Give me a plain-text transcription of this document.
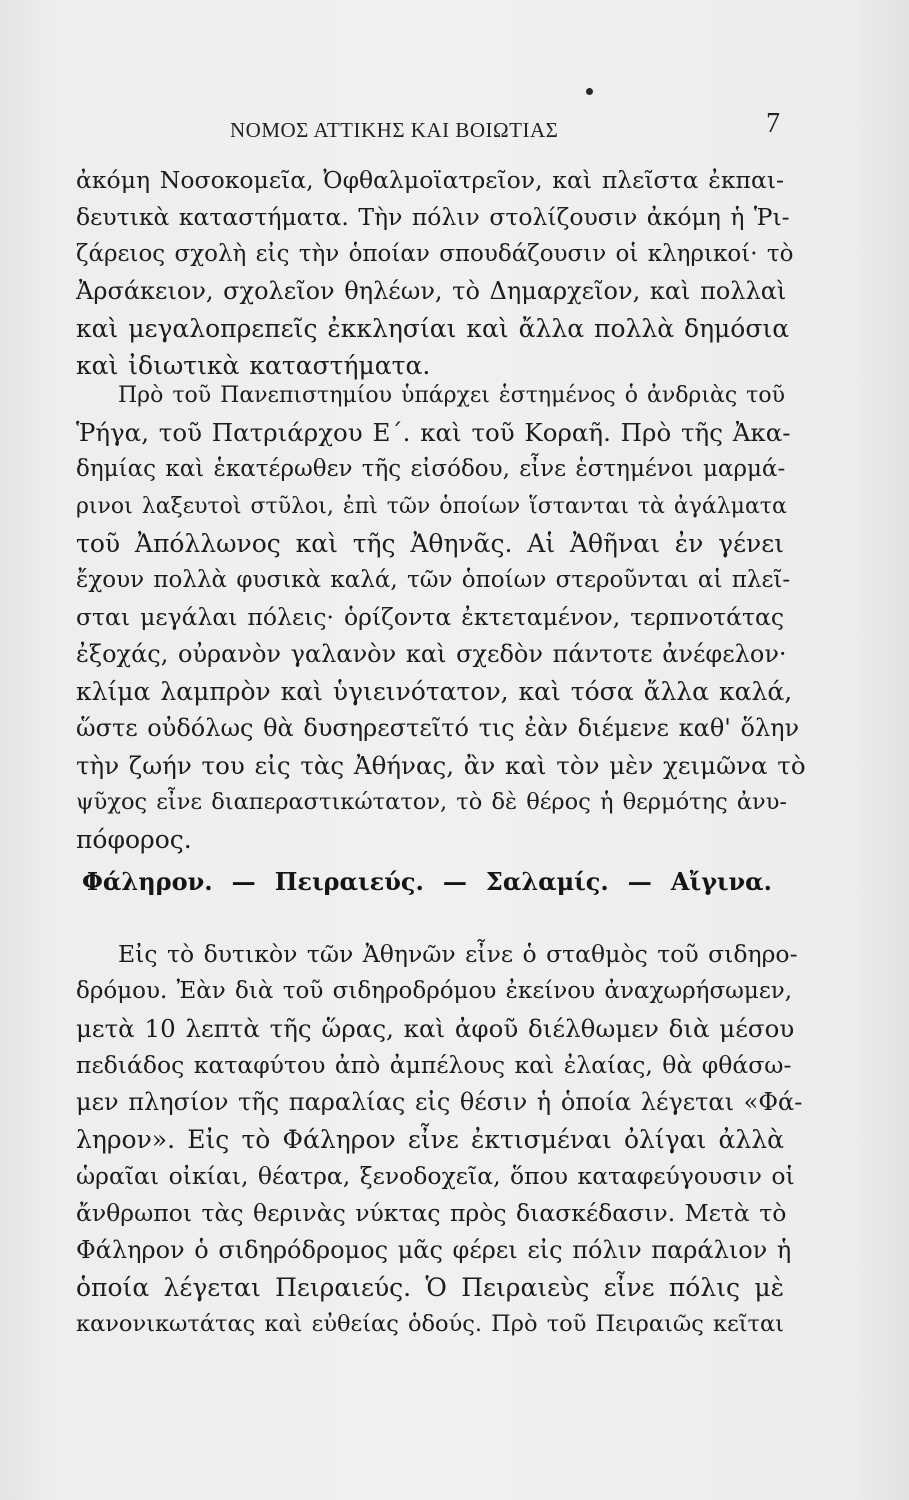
ΝΟΜΟΣ ΑΤΤΙΚΗΣ ΚΑΙ ΒΟΙΩΤΙΑΣ	7
ἀκόμη Νοσοκομεῖα, Ὀφθαλμοϊατρεῖον, καὶ πλεῖστα ἐκπαι-
δευτικὰ καταστήματα. Τὴν πόλιν στολίζουσιν ἀκόμη ἡ Ῥι-
ζάρειος σχολὴ εἰς τὴν ὁποίαν σπουδάζουσιν οἱ κληρικοί· τὸ
Ἀρσάκειον, σχολεῖον θηλέων, τὸ Δημαρχεῖον, καὶ πολλαὶ
καὶ μεγαλοπρεπεῖς ἐκκλησίαι καὶ ἄλλα πολλὰ δημόσια
καὶ ἰδιωτικὰ καταστήματα.
Πρὸ τοῦ Πανεπιστημίου ὑπάρχει ἑστημένος ὁ ἀνδριὰς τοῦ
Ῥήγα, τοῦ Πατριάρχου Ε΄. καὶ τοῦ Κοραῆ. Πρὸ τῆς Ἀκα-
δημίας καὶ ἑκατέρωθεν τῆς εἰσόδου, εἶνε ἑστημένοι μαρμά-
ρινοι λαξευτοὶ στῦλοι, ἐπὶ τῶν ὁποίων ἵστανται τὰ ἀγάλματα
τοῦ Ἀπόλλωνος καὶ τῆς Ἀθηνᾶς. Αἱ Ἀθῆναι ἐν γένει
ἔχουν πολλὰ φυσικὰ καλά, τῶν ὁποίων στεροῦνται αἱ πλεῖ-
σται μεγάλαι πόλεις· ὁρίζοντα ἐκτεταμένον, τερπνοτάτας
ἐξοχάς, οὐρανὸν γαλανὸν καὶ σχεδὸν πάντοτε ἀνέφελον·
κλίμα λαμπρὸν καὶ ὑγιεινότατον, καὶ τόσα ἄλλα καλά,
ὥστε οὐδόλως θὰ δυσηρεστεῖτό τις ἐὰν διέμενε καθ' ὅλην
τὴν ζωήν του εἰς τὰς Ἀθήνας, ἂν καὶ τὸν μὲν χειμῶνα τὸ
ψῦχος εἶνε διαπεραστικώτατον, τὸ δὲ θέρος ἡ θερμότης ἀνυ-
πόφορος.
Φάληρον. — Πειραιεύς. — Σαλαμίς. — Αἴγινα.
Εἰς τὸ δυτικὸν τῶν Ἀθηνῶν εἶνε ὁ σταθμὸς τοῦ σιδηρο-
δρόμου. Ἐὰν διὰ τοῦ σιδηροδρόμου ἐκείνου ἀναχωρήσωμεν,
μετὰ 10 λεπτὰ τῆς ὥρας, καὶ ἀφοῦ διέλθωμεν διὰ μέσου
πεδιάδος καταφύτου ἀπὸ ἀμπέλους καὶ ἐλαίας, θὰ φθάσω-
μεν πλησίον τῆς παραλίας εἰς θέσιν ἡ ὁποία λέγεται «Φά-
ληρον». Εἰς τὸ Φάληρον εἶνε ἐκτισμέναι ὀλίγαι ἀλλὰ
ὡραῖαι οἰκίαι, θέατρα, ξενοδοχεῖα, ὅπου καταφεύγουσιν οἱ
ἄνθρωποι τὰς θερινὰς νύκτας πρὸς διασκέδασιν. Μετὰ τὸ
Φάληρον ὁ σιδηρόδρομος μᾶς φέρει εἰς πόλιν παράλιον ἡ
ὁποία λέγεται Πειραιεύς. Ὁ Πειραιεὺς εἶνε πόλις μὲ
κανονικωτάτας καὶ εὐθείας ὁδούς. Πρὸ τοῦ Πειραιῶς κεῖται
